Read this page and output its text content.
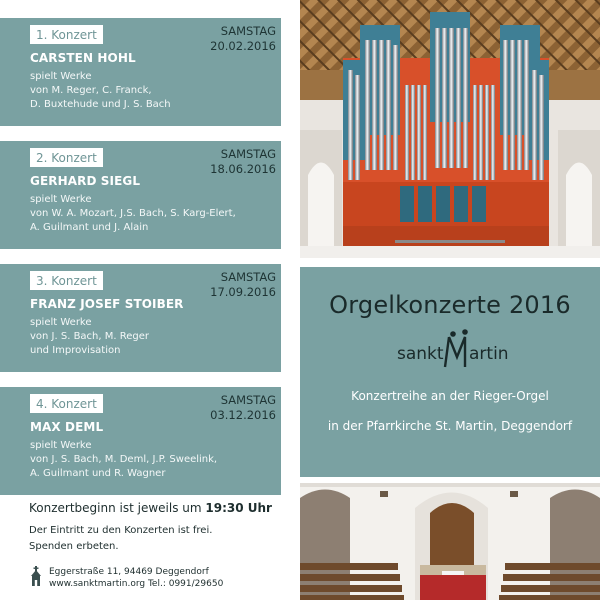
1. Konzert	SAMSTAG
20.02.2016
CARSTEN HOHL
spielt Werke
von M. Reger, C. Franck,
D. Buxtehude und J. S. Bach
2. Konzert	SAMSTAG
18.06.2016
GERHARD SIEGL
spielt Werke
von W. A. Mozart, J.S. Bach, S. Karg-Elert,
A. Guilmant und J. Alain
3. Konzert	SAMSTAG
17.09.2016
FRANZ JOSEF STOIBER
spielt Werke
von J. S. Bach, M. Reger
und Improvisation
4. Konzert	SAMSTAG
03.12.2016
MAX DEML
spielt Werke
von J. S. Bach, M. Deml, J.P. Sweelink,
A. Guilmant und R. Wagner
Konzertbeginn ist jeweils um 19:30 Uhr
Der Eintritt zu den Konzerten ist frei.
Spenden erbeten.
Eggerstraße 11, 94469 Deggendorf
www.sanktmartin.org Tel.: 0991/29650
Orgelkonzerte 2016
sankt artin
Konzertreihe an der Rieger-Orgel
in der Pfarrkirche St. Martin, Deggendorf
